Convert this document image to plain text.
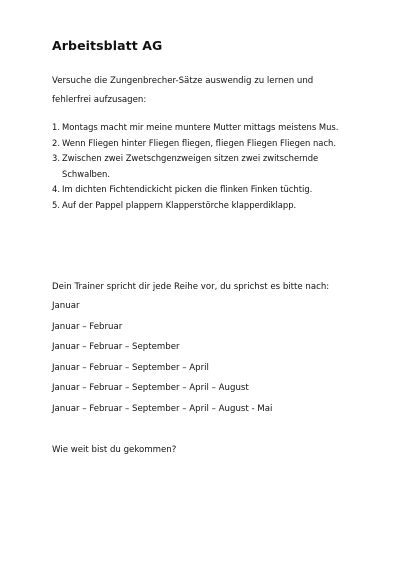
Arbeitsblatt AG
Versuche die Zungenbrecher-Sätze auswendig zu lernen und
fehlerfrei aufzusagen:
1. Montags macht mir meine muntere Mutter mittags meistens Mus.
2. Wenn Fliegen hinter Fliegen fliegen, fliegen Fliegen Fliegen nach.
3. Zwischen zwei Zwetschgenzweigen sitzen zwei zwitschernde Schwalben.
4. Im dichten Fichtendickicht picken die flinken Finken tüchtig.
5. Auf der Pappel plappern Klapperstörche klapperdiklapp.
Dein Trainer spricht dir jede Reihe vor, du sprichst es bitte nach:
Januar
Januar – Februar
Januar – Februar – September
Januar – Februar – September – April
Januar – Februar – September – April – August
Januar – Februar – September – April – August - Mai
Wie weit bist du gekommen?
